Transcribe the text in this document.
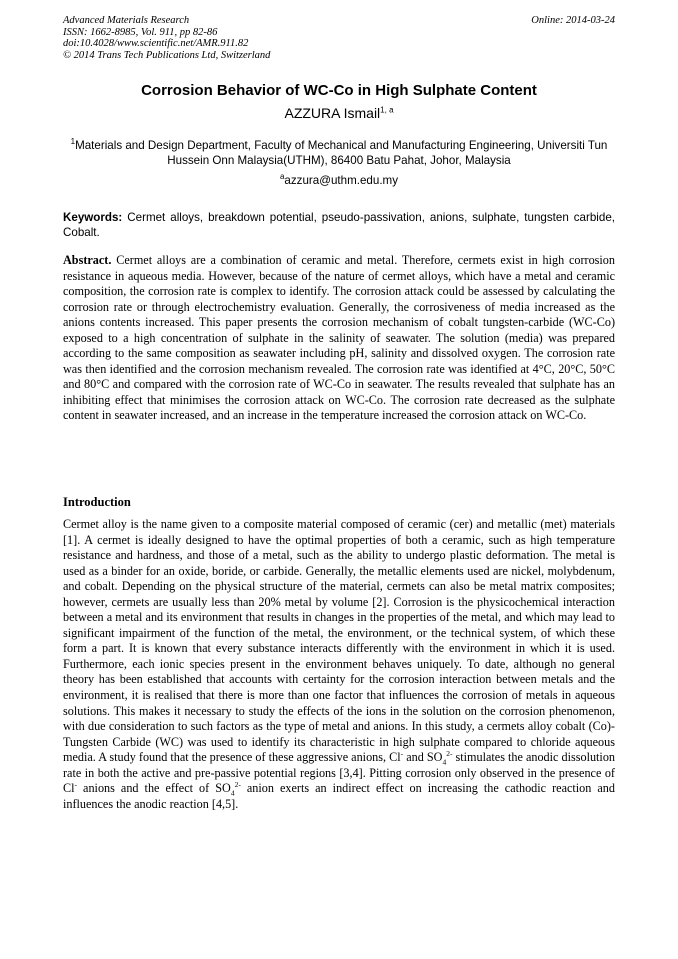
Advanced Materials Research
ISSN: 1662-8985, Vol. 911, pp 82-86
doi:10.4028/www.scientific.net/AMR.911.82
© 2014 Trans Tech Publications Ltd, Switzerland
Online: 2014-03-24
Corrosion Behavior of WC-Co in High Sulphate Content
AZZURA Ismail$^{1, a}$
$^1$Materials and Design Department, Faculty of Mechanical and Manufacturing Engineering, Universiti Tun Hussein Onn Malaysia(UTHM), 86400 Batu Pahat, Johor, Malaysia
$^a$azzura@uthm.edu.my
Keywords: Cermet alloys, breakdown potential, pseudo-passivation, anions, sulphate, tungsten carbide, Cobalt.
Abstract. Cermet alloys are a combination of ceramic and metal. Therefore, cermets exist in high corrosion resistance in aqueous media. However, because of the nature of cermet alloys, which have a metal and ceramic composition, the corrosion rate is complex to identify. The corrosion attack could be assessed by calculating the corrosion rate or through electrochemistry evaluation. Generally, the corrosiveness of media increased as the anions contents increased. This paper presents the corrosion mechanism of cobalt tungsten-carbide (WC-Co) exposed to a high concentration of sulphate in the salinity of seawater. The solution (media) was prepared according to the same composition as seawater including pH, salinity and dissolved oxygen. The corrosion rate was then identified and the corrosion mechanism revealed. The corrosion rate was identified at 4°C, 20°C, 50°C and 80°C and compared with the corrosion rate of WC-Co in seawater. The results revealed that sulphate has an inhibiting effect that minimises the corrosion attack on WC-Co. The corrosion rate decreased as the sulphate content in seawater increased, and an increase in the temperature increased the corrosion attack on WC-Co.
Introduction
Cermet alloy is the name given to a composite material composed of ceramic (cer) and metallic (met) materials [1]. A cermet is ideally designed to have the optimal properties of both a ceramic, such as high temperature resistance and hardness, and those of a metal, such as the ability to undergo plastic deformation. The metal is used as a binder for an oxide, boride, or carbide. Generally, the metallic elements used are nickel, molybdenum, and cobalt. Depending on the physical structure of the material, cermets can also be metal matrix composites; however, cermets are usually less than 20% metal by volume [2]. Corrosion is the physicochemical interaction between a metal and its environment that results in changes in the properties of the metal, and which may lead to significant impairment of the function of the metal, the environment, or the technical system, of which these form a part. It is known that every substance interacts differently with the environment in which it is used. Furthermore, each ionic species present in the environment behaves uniquely. To date, although no general theory has been established that accounts with certainty for the corrosion interaction between metals and the environment, it is realised that there is more than one factor that influences the corrosion of metals in aqueous solutions. This makes it necessary to study the effects of the ions in the solution on the corrosion phenomenon, with due consideration to such factors as the type of metal and anions. In this study, a cermets alloy cobalt (Co)-Tungsten Carbide (WC) was used to identify its characteristic in high sulphate compared to chloride aqueous media. A study found that the presence of these aggressive anions, Cl- and $SO_4^{2-}$ stimulates the anodic dissolution rate in both the active and pre-passive potential regions [3,4]. Pitting corrosion only observed in the presence of Cl- anions and the effect of $SO_4^{2-}$ anion exerts an indirect effect on increasing the cathodic reaction and influences the anodic reaction [4,5].
